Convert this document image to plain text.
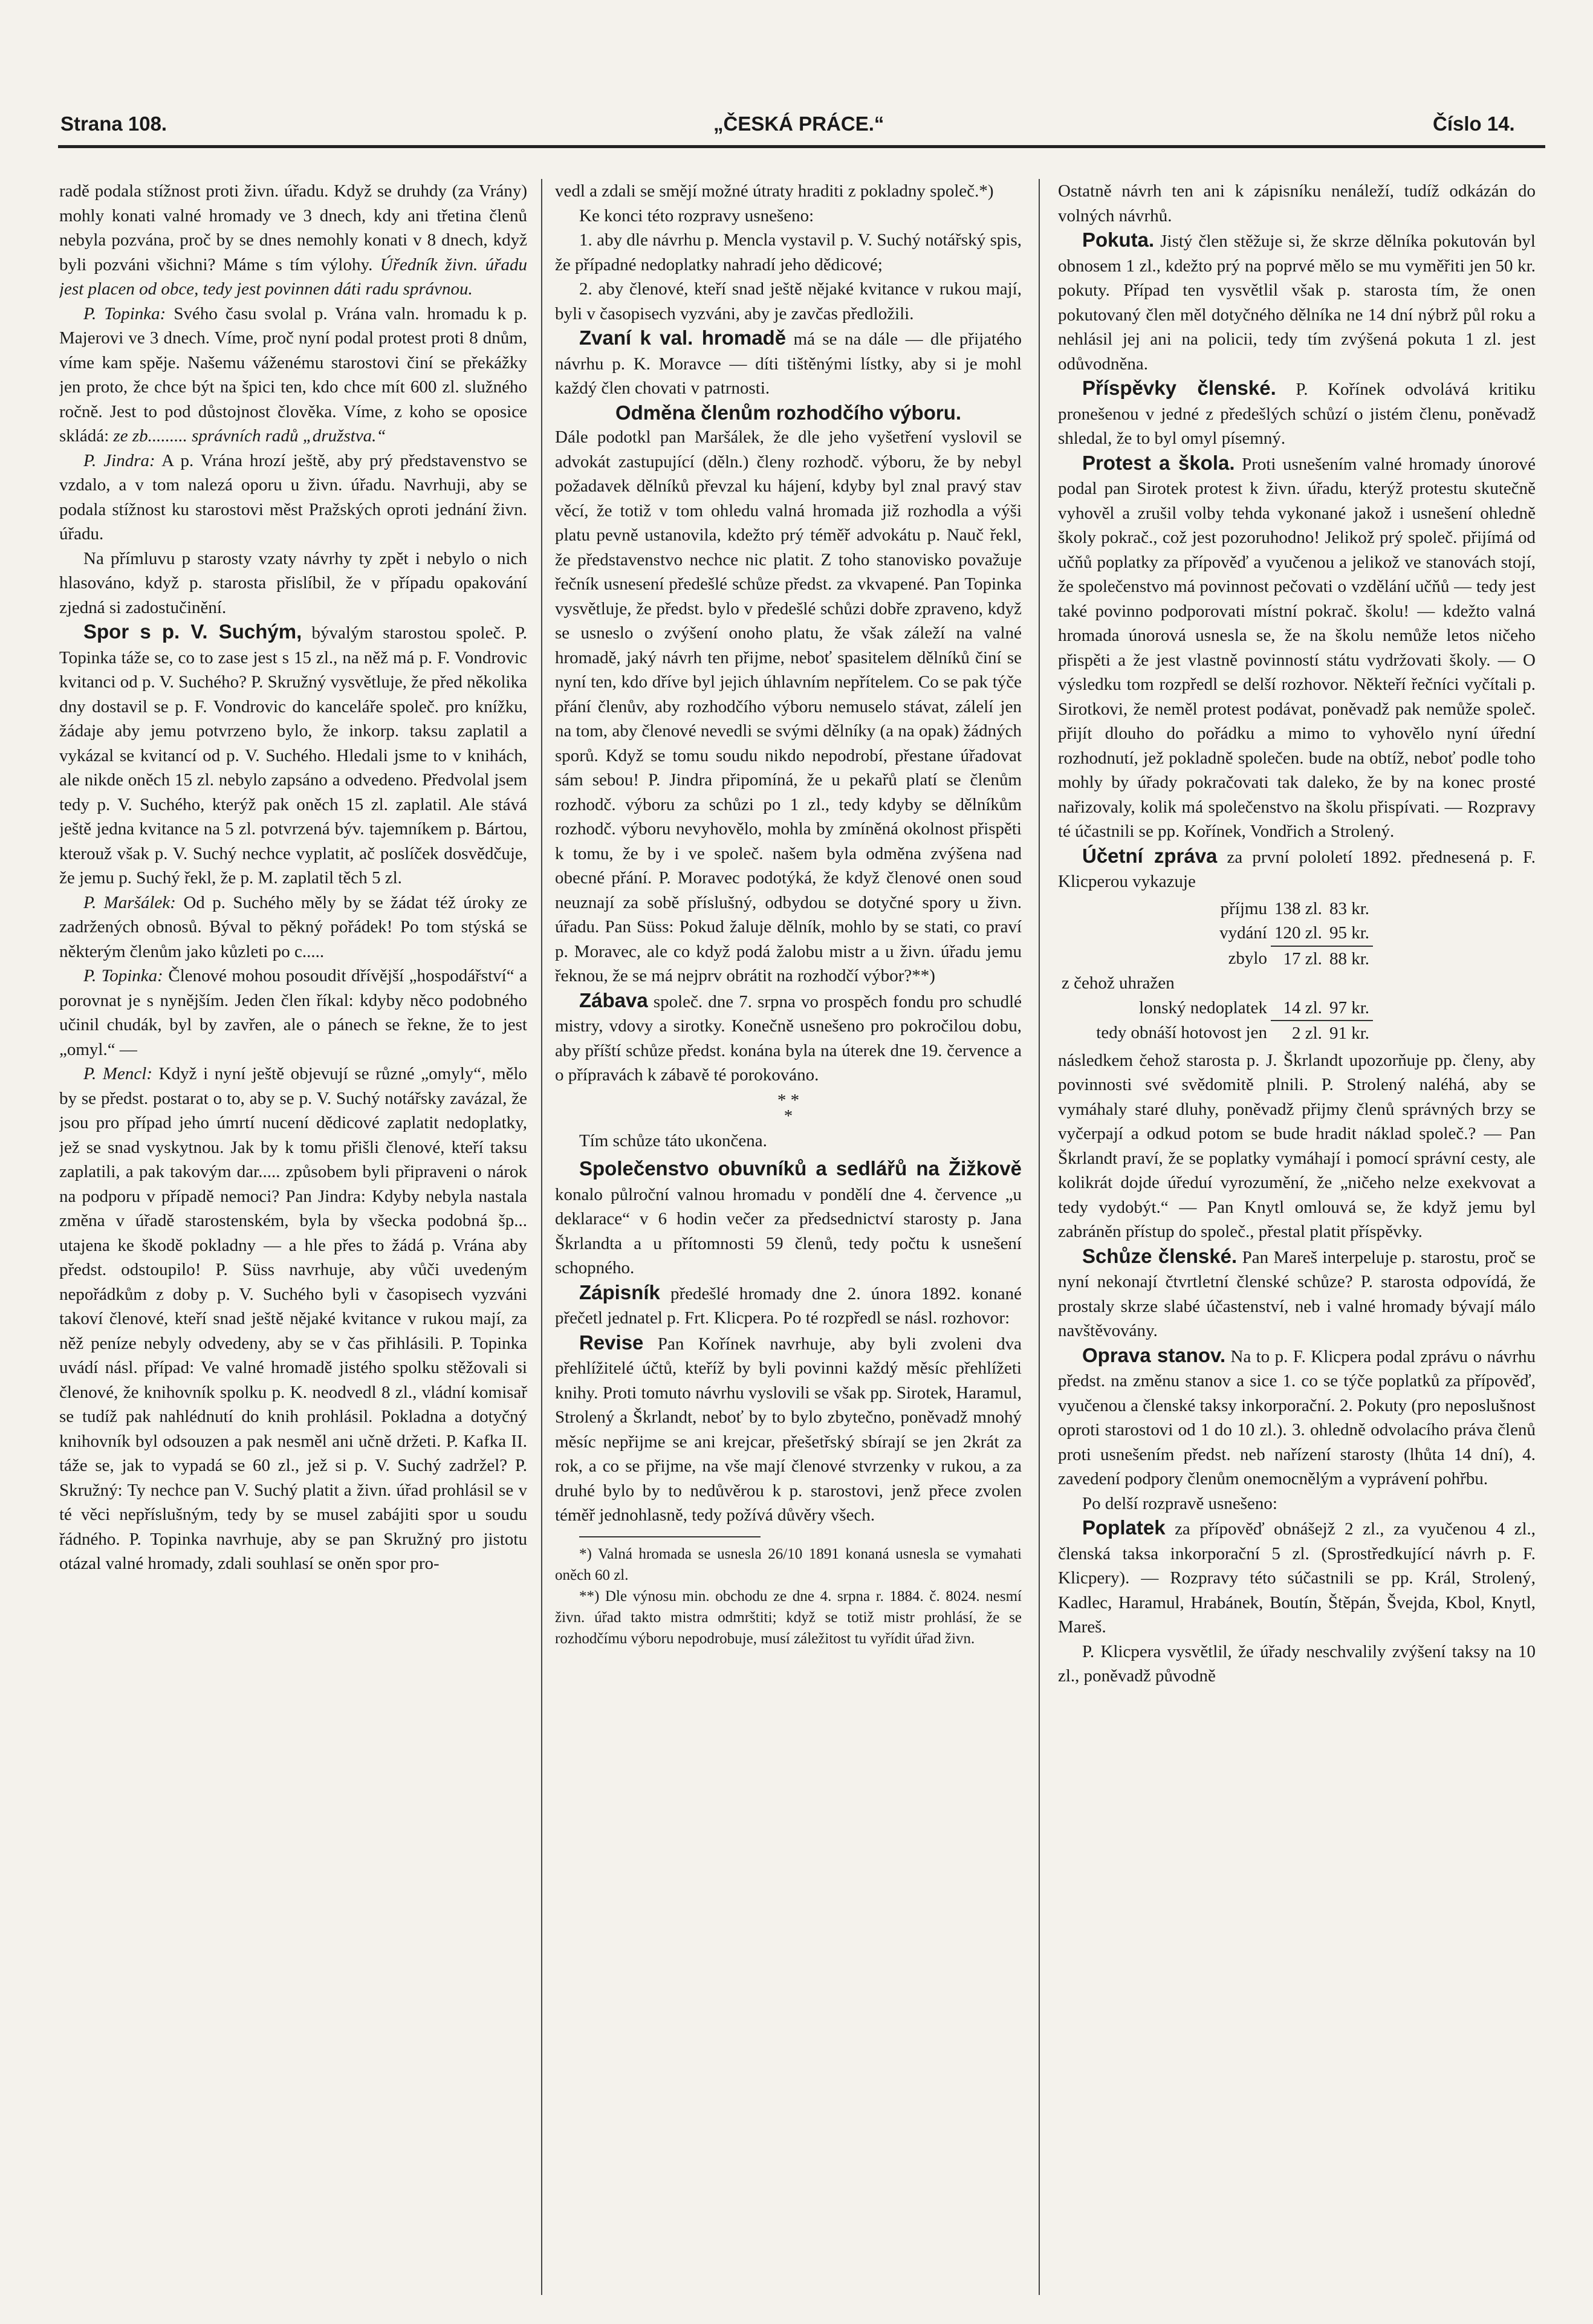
Strana 108.	„ČESKÁ PRÁCE.“	Číslo 14.

radě podala stížnost proti živn. úřadu. Když se druhdy (za Vrány) mohly konati valné hromady ve 3 dnech, kdy ani třetina členů nebyla pozvána, proč by se dnes nemohly konati v 8 dnech, když byli pozváni všichni? Máme s tím výlohy. Úředník živn. úřadu jest placen od obce, tedy jest povinnen dáti radu správnou.

P. Topinka: Svého času svolal p. Vrána valn. hromadu k p. Majerovi ve 3 dnech. Víme, proč nyní podal protest proti 8 dnům, víme kam spěje. Našemu váženému starostovi činí se překážky jen proto, že chce být na špici ten, kdo chce mít 600 zl. služného ročně. Jest to pod důstojnost člověka. Víme, z koho se oposice skládá: ze zb......... správních radů „družstva.“

P. Jindra: A p. Vrána hrozí ještě, aby prý představenstvo se vzdalo, a v tom nalezá oporu u živn. úřadu. Navrhuji, aby se podala stížnost ku starostovi měst Pražských oproti jednání živn. úřadu.

Na přímluvu p starosty vzaty návrhy ty zpět i nebylo o nich hlasováno, když p. starosta přislíbil, že v případu opakování zjedná si zadostučinění.

Spor s p. V. Suchým, bývalým starostou společ. P. Topinka táže se, co to zase jest s 15 zl., na něž má p. F. Vondrovic kvitanci od p. V. Suchého? P. Skružný vysvětluje, že před několika dny dostavil se p. F. Vondrovic do kanceláře společ. pro knížku, žádaje aby jemu potvrzeno bylo, že inkorp. taksu zaplatil a vykázal se kvitancí od p. V. Suchého. Hledali jsme to v knihách, ale nikde oněch 15 zl. nebylo zapsáno a odvedeno. Předvolal jsem tedy p. V. Suchého, kterýž pak oněch 15 zl. zaplatil. Ale stává ještě jedna kvitance na 5 zl. potvrzená býv. tajemníkem p. Bártou, kterouž však p. V. Suchý nechce vyplatit, ač poslíček dosvědčuje, že jemu p. Suchý řekl, že p. M. zaplatil těch 5 zl.

P. Maršálek: Od p. Suchého měly by se žádat též úroky ze zadržených obnosů. Býval to pěkný pořádek! Po tom stýská se některým členům jako kůzleti po c.....

P. Topinka: Členové mohou posoudit dřívější „hospodářství“ a porovnat je s nynějším. Jeden člen říkal: kdyby něco podobného učinil chudák, byl by zavřen, ale o pánech se řekne, že to jest „omyl.“ —

P. Mencl: Když i nyní ještě objevují se různé „omyly“, mělo by se předst. postarat o to, aby se p. V. Suchý notářsky zavázal, že jsou pro případ jeho úmrtí nucení dědicové zaplatit nedoplatky, jež se snad vyskytnou. Jak by k tomu přišli členové, kteří taksu zaplatili, a pak takovým dar..... způsobem byli připraveni o nárok na podporu v případě nemoci? Pan Jindra: Kdyby nebyla nastala změna v úřadě starostenském, byla by všecka podobná šp... utajena ke škodě pokladny — a hle přes to žádá p. Vrána aby předst. odstoupilo! P. Süss navrhuje, aby vůči uvedeným nepořádkům z doby p. V. Suchého byli v časopisech vyzváni takoví členové, kteří snad ještě nějaké kvitance v rukou mají, za něž peníze nebyly odvedeny, aby se v čas přihlásili. P. Topinka uvádí násl. případ: Ve valné hromadě jistého spolku stěžovali si členové, že knihovník spolku p. K. neodvedl 8 zl., vládní komisař se tudíž pak nahlédnutí do knih prohlásil. Pokladna a dotyčný knihovník byl odsouzen a pak nesměl ani učně držeti. P. Kafka II. táže se, jak to vypadá se 60 zl., jež si p. V. Suchý zadržel? P. Skružný: Ty nechce pan V. Suchý platit a živn. úřad prohlásil se v té věci nepříslušným, tedy by se musel zabájiti spor u soudu řádného. P. Topinka navrhuje, aby se pan Skružný pro jistotu otázal valné hromady, zdali souhlasí se oněn spor pro-

vedl a zdali se smějí možné útraty hraditi z pokladny společ.*)

Ke konci této rozpravy usnešeno:

1. aby dle návrhu p. Mencla vystavil p. V. Suchý notářský spis, že případné nedoplatky nahradí jeho dědicové;

2. aby členové, kteří snad ještě nějaké kvitance v rukou mají, byli v časopisech vyzváni, aby je zavčas předložili.

Zvaní k val. hromadě má se na dále — dle přijatého návrhu p. K. Moravce — díti tištěnými lístky, aby si je mohl každý člen chovati v patrnosti.

Odměna členům rozhodčího výboru.

Dále podotkl pan Maršálek, že dle jeho vyšetření vyslovil se advokát zastupující (děln.) členy rozhodč. výboru, že by nebyl požadavek dělníků převzal ku hájení, kdyby byl znal pravý stav věcí, že totiž v tom ohledu valná hromada již rozhodla a výši platu pevně ustanovila, kdežto prý téměř advokátu p. Nauč řekl, že představenstvo nechce nic platit. Z toho stanovisko považuje řečník usnesení předešlé schůze předst. za vkvapené. Pan Topinka vysvětluje, že předst. bylo v předešlé schůzi dobře zpraveno, když se usneslo o zvýšení onoho platu, že však záleží na valné hromadě, jaký návrh ten přijme, neboť spasitelem dělníků činí se nyní ten, kdo dříve byl jejich úhlavním nepřítelem. Co se pak týče přání členův, aby rozhodčího výboru nemuselo stávat, zálelí jen na tom, aby členové nevedli se svými dělníky (a na opak) žádných sporů. Když se tomu soudu nikdo nepodrobí, přestane úřadovat sám sebou! P. Jindra připomíná, že u pekařů platí se členům rozhodč. výboru za schůzi po 1 zl., tedy kdyby se dělníkům rozhodč. výboru nevyhovělo, mohla by zmíněná okolnost přispěti k tomu, že by i ve společ. našem byla odměna zvýšena nad obecné přání. P. Moravec podotýká, že když členové onen soud neuznají za sobě příslušný, odbydou se dotyčné spory u živn. úřadu. Pan Süss: Pokud žaluje dělník, mohlo by se stati, co praví p. Moravec, ale co když podá žalobu mistr a u živn. úřadu jemu řeknou, že se má nejprv obrátit na rozhodčí výbor?**)

Zábava společ. dne 7. srpna vo prospěch fondu pro schudlé mistry, vdovy a sirotky. Konečně usnešeno pro pokročilou dobu, aby příští schůze předst. konána byla na úterek dne 19. července a o přípravách k zábavě té porokováno.

* *
*

Tím schůze táto ukončena.

Společenstvo obuvníků a sedlářů na Žižkově konalo půlroční valnou hromadu v pondělí dne 4. července „u deklarace“ v 6 hodin večer za předsednictví starosty p. Jana Škrlandta a u přítomnosti 59 členů, tedy počtu k usnešení schopného.

Zápisník předešlé hromady dne 2. února 1892. konané přečetl jednatel p. Frt. Klicpera. Po té rozpředl se násl. rozhovor:

Revise Pan Kořínek navrhuje, aby byli zvoleni dva přehlížitelé účtů, kteříž by byli povinni každý měsíc přehlížeti knihy. Proti tomuto návrhu vyslovili se však pp. Sirotek, Haramul, Strolený a Škrlandt, neboť by to bylo zbytečno, poněvadž mnohý měsíc nepřijme se ani krejcar, přešetřský sbírají se jen 2krát za rok, a co se přijme, na vše mají členové stvrzenky v rukou, a za druhé bylo by to nedůvěrou k p. starostovi, jenž přece zvolen téměř jednohlasně, tedy požívá důvěry všech.

*) Valná hromada se usnesla 26/10 1891 konaná usnesla se vymahati oněch 60 zl.

**) Dle výnosu min. obchodu ze dne 4. srpna r. 1884. č. 8024. nesmí živn. úřad takto mistra odmrštiti; když se totiž mistr prohlásí, že se rozhodčímu výboru nepodrobuje, musí záležitost tu vyřídit úřad živn.

Ostatně návrh ten ani k zápisníku nenáleží, tudíž odkázán do volných návrhů.

Pokuta. Jistý člen stěžuje si, že skrze dělníka pokutován byl obnosem 1 zl., kdežto prý na poprvé mělo se mu vyměřiti jen 50 kr. pokuty. Případ ten vysvětlil však p. starosta tím, že onen pokutovaný člen měl dotyčného dělníka ne 14 dní nýbrž půl roku a nehlásil jej ani na policii, tedy tím zvýšená pokuta 1 zl. jest odůvodněna.

Příspěvky členské. P. Kořínek odvolává kritiku pronešenou v jedné z předešlých schůzí o jistém členu, poněvadž shledal, že to byl omyl písemný.

Protest a škola. Proti usnešením valné hromady únorové podal pan Sirotek protest k živn. úřadu, kterýž protestu skutečně vyhověl a zrušil volby tehda vykonané jakož i usnešení ohledně školy pokrač., což jest pozoruhodno! Jelikož prý společ. přijímá od učňů poplatky za přípověď a vyučenou a jelikož ve stanovách stojí, že společenstvo má povinnost pečovati o vzdělání učňů — tedy jest také povinno podporovati místní pokrač. školu! — kdežto valná hromada únorová usnesla se, že na školu nemůže letos ničeho přispěti a že jest vlastně povinností státu vydržovati školy. — O výsledku tom rozpředl se delší rozhovor. Někteří řečníci vyčítali p. Sirotkovi, že neměl protest podávat, poněvadž pak nemůže společ. přijít dlouho do pořádku a mimo to vyhovělo nyní úřední rozhodnutí, jež pokladně společen. bude na obtíž, neboť podle toho mohly by úřady pokračovati tak daleko, že by na konec prosté nařizovaly, kolik má společenstvo na školu přispívati. — Rozpravy té účastnili se pp. Kořínek, Vondřich a Strolený.

Účetní zpráva za první pololetí 1892. přednesená p. F. Klicperou vykazuje

příjmu	138 zl.	83 kr.
vydání	120 zl.	95 kr.
zbylo	17 zl.	88 kr.
z čehož uhražen		
lonský nedoplatek	14 zl.	97 kr.
tedy obnáší hotovost jen	2 zl.	91 kr.

následkem čehož starosta p. J. Škrlandt upozorňuje pp. členy, aby povinnosti své svědomitě plnili. P. Strolený naléhá, aby se vymáhaly staré dluhy, poněvadž přijmy členů správných brzy se vyčerpají a odkud potom se bude hradit náklad společ.? — Pan Škrlandt praví, že se poplatky vymáhají i pomocí správní cesty, ale kolikrát dojde úředuí vyrozumění, že „ničeho nelze exekvovat a tedy vydobýt.“ — Pan Knytl omlouvá se, že když jemu byl zabráněn přístup do společ., přestal platit příspěvky.

Schůze členské. Pan Mareš interpeluje p. starostu, proč se nyní nekonají čtvrtletní členské schůze? P. starosta odpovídá, že prostaly skrze slabé účastenství, neb i valné hromady bývají málo navštěvovány.

Oprava stanov. Na to p. F. Klicpera podal zprávu o návrhu předst. na změnu stanov a sice 1. co se týče poplatků za přípověď, vyučenou a členské taksy inkorporační. 2. Pokuty (pro neposlušnost oproti starostovi od 1 do 10 zl.). 3. ohledně odvolacího práva členů proti usnešením předst. neb nařízení starosty (lhůta 14 dní), 4. zavedení podpory členům onemocnělým a vyprávení pohřbu.

Po delší rozpravě usnešeno:

Poplatek za přípověď obnášejž 2 zl., za vyučenou 4 zl., členská taksa inkorporační 5 zl. (Sprostředkující návrh p. F. Klicpery). — Rozpravy této súčastnili se pp. Král, Strolený, Kadlec, Haramul, Hrabánek, Boutín, Štěpán, Švejda, Kbol, Knytl, Mareš.

P. Klicpera vysvětlil, že úřady neschvalily zvýšení taksy na 10 zl., poněvadž původně
